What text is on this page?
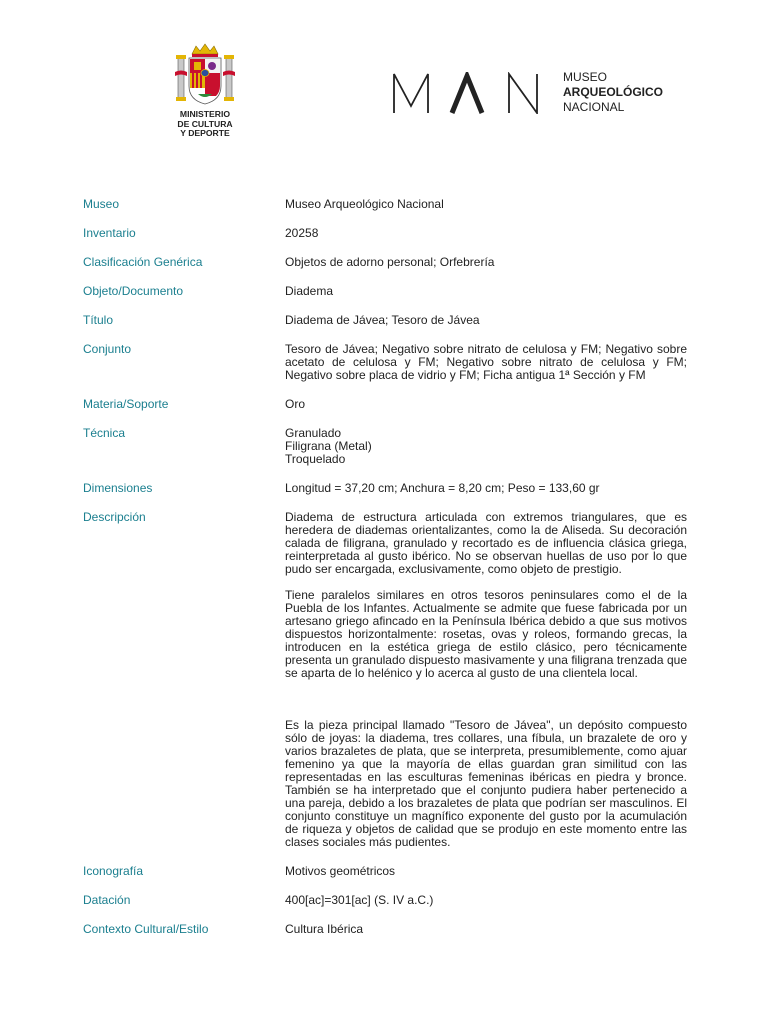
MINISTERIO
DE CULTURA
Y DEPORTE
MUSEO
ARQUEOLÓGICO
NACIONAL
Museo	Museo Arqueológico Nacional
Inventario	20258
Clasificación Genérica	Objetos de adorno personal; Orfebrería
Objeto/Documento	Diadema
Título	Diadema de Jávea; Tesoro de Jávea
Conjunto	Tesoro de Jávea; Negativo sobre nitrato de celulosa y FM; Negativo sobre acetato de celulosa y FM; Negativo sobre nitrato de celulosa y FM; Negativo sobre placa de vidrio y FM; Ficha antigua 1ª Sección y FM
Materia/Soporte	Oro
Técnica	Granulado
Filigrana (Metal)
Troquelado
Dimensiones	Longitud = 37,20 cm; Anchura = 8,20 cm; Peso = 133,60 gr
Descripción	Diadema de estructura articulada con extremos triangulares, que es heredera de diademas orientalizantes, como la de Aliseda. Su decoración calada de filigrana, granulado y recortado es de influencia clásica griega, reinterpretada al gusto ibérico. No se observan huellas de uso por lo que pudo ser encargada, exclusivamente, como objeto de prestigio.
Tiene paralelos similares en otros tesoros peninsulares como el de la Puebla de los Infantes. Actualmente se admite que fuese fabricada por un artesano griego afincado en la Península Ibérica debido a que sus motivos dispuestos horizontalmente: rosetas, ovas y roleos, formando grecas, la introducen en la estética griega de estilo clásico, pero técnicamente presenta un granulado dispuesto masivamente y una filigrana trenzada que se aparta de lo helénico y lo acerca al gusto de una clientela local.
Es la pieza principal llamado "Tesoro de Jávea", un depósito compuesto sólo de joyas: la diadema, tres collares, una fíbula, un brazalete de oro y varios brazaletes de plata, que se interpreta, presumiblemente, como ajuar femenino ya que la mayoría de ellas guardan gran similitud con las representadas en las esculturas femeninas ibéricas en piedra y bronce. También se ha interpretado que el conjunto pudiera haber pertenecido a una pareja, debido a los brazaletes de plata que podrían ser masculinos. El conjunto constituye un magnífico exponente del gusto por la acumulación de riqueza y objetos de calidad que se produjo en este momento entre las clases sociales más pudientes.
Iconografía	Motivos geométricos
Datación	400[ac]=301[ac] (S. IV a.C.)
Contexto Cultural/Estilo	Cultura Ibérica
